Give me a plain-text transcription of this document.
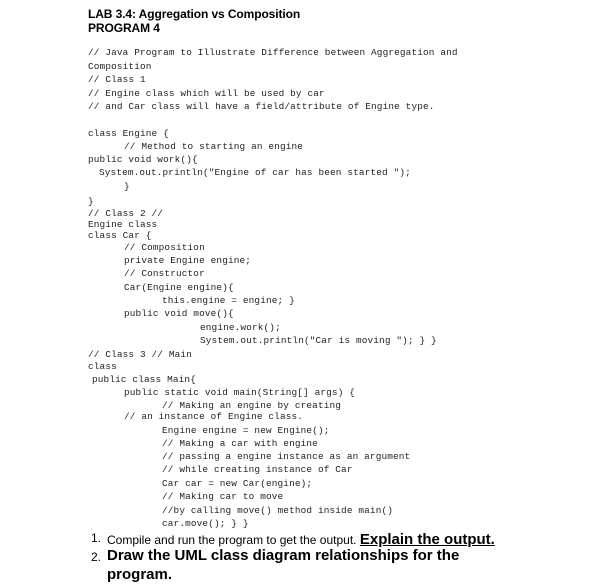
LAB 3.4: Aggregation vs Composition
PROGRAM 4
// Java Program to Illustrate Difference between Aggregation and
Composition
// Class 1
// Engine class which will be used by car
// and Car class will have a field/attribute of Engine type.
class Engine {
// Method to starting an engine
public void work(){
System.out.println("Engine of car has been started ");
}
}
// Class 2 //
Engine class
class Car {
// Composition
private Engine engine;
// Constructor
Car(Engine engine){
this.engine = engine; }
public void move(){
engine.work();
System.out.println("Car is moving "); } }
// Class 3 // Main
class
public class Main{
public static void main(String[] args) {
// Making an engine by creating
// an instance of Engine class.
Engine engine = new Engine();
// Making a car with engine
// passing a engine instance as an argument
// while creating instance of Car
Car car = new Car(engine);
// Making car to move
//by calling move() method inside main()
car.move(); } }
1. Compile and run the program to get the output. Explain the output.
2. Draw the UML class diagram relationships for the program.
